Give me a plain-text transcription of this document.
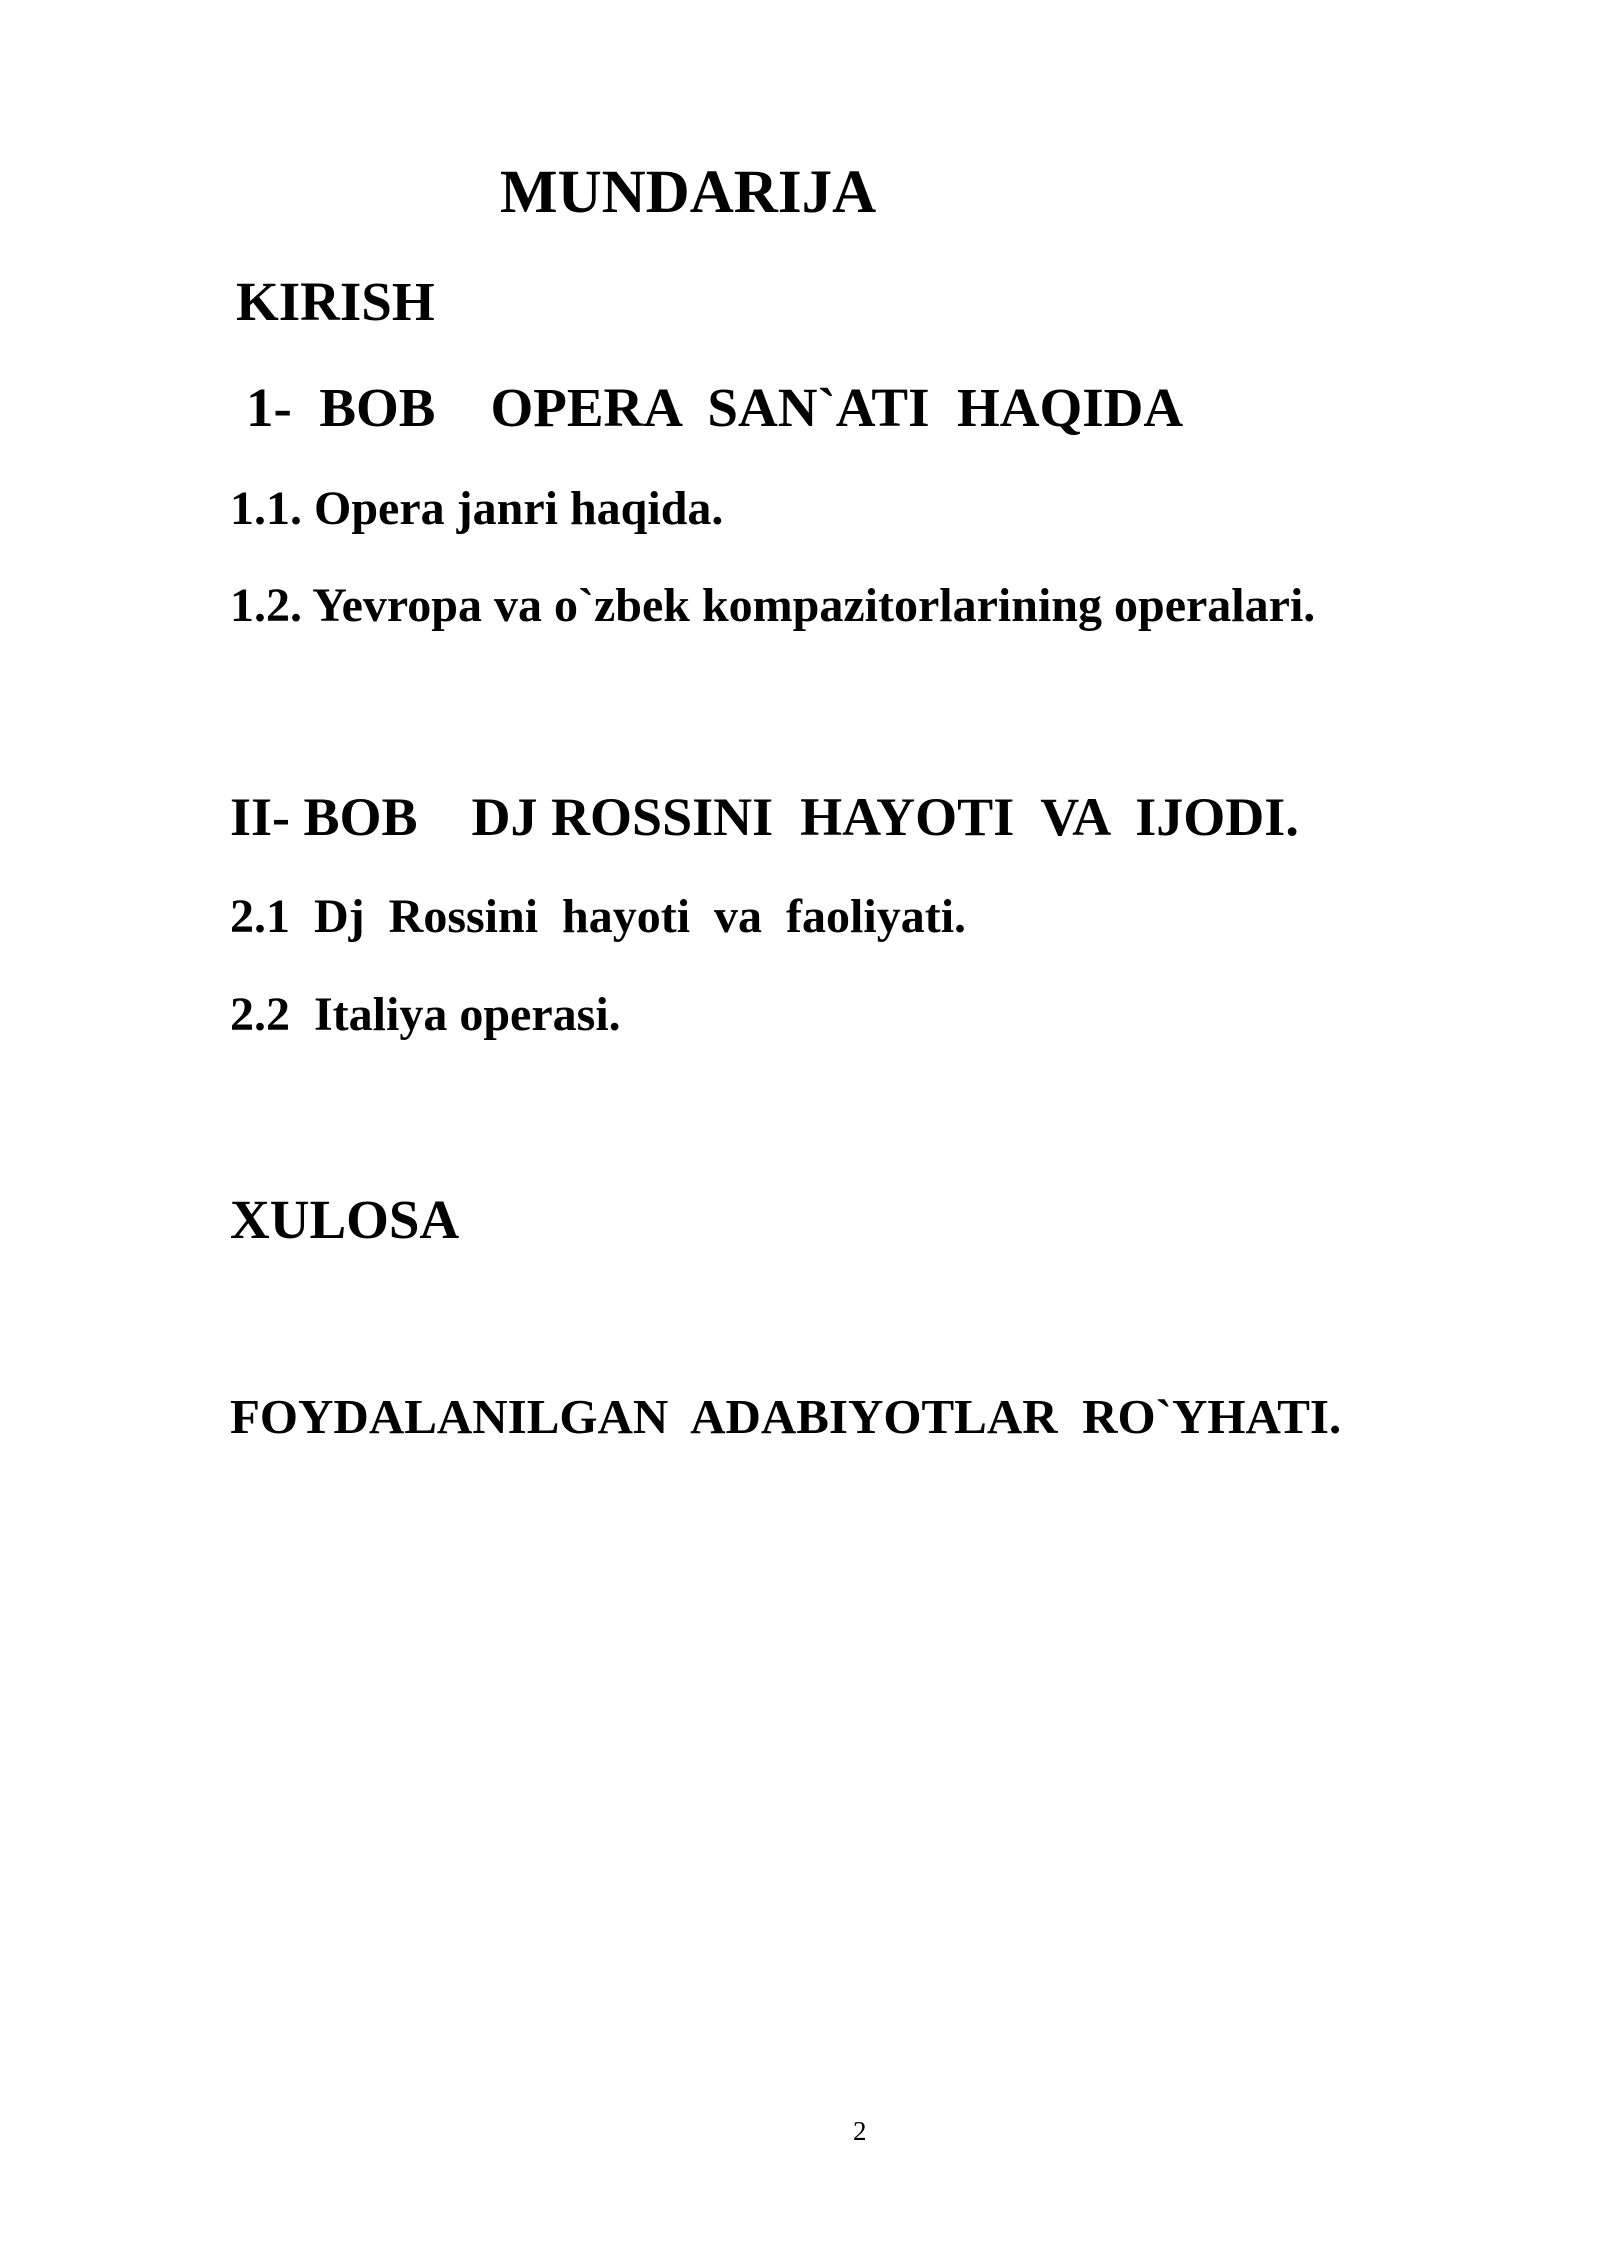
MUNDARIJA

KIRISH

1-  BOB    OPERA  SAN`ATI  HAQIDA

1.1. Opera janri haqida.

1.2. Yevropa va o`zbek kompazitorlarining operalari.

II- BOB    DJ ROSSINI  HAYOTI  VA  IJODI.

2.1  Dj  Rossini  hayoti  va  faoliyati.

2.2  Italiya operasi.

XULOSA

FOYDALANILGAN  ADABIYOTLAR  RO`YHATI.

2
